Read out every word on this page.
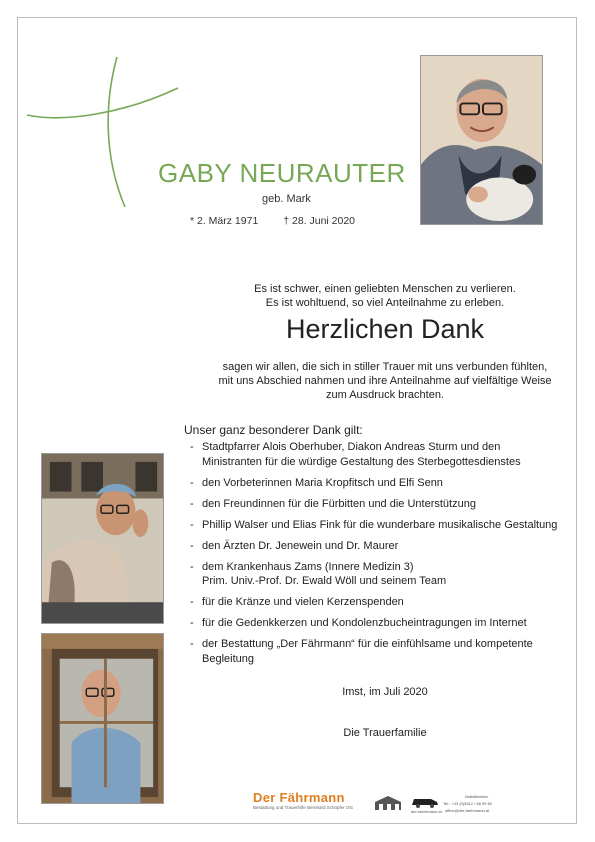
GABY NEURAUTER
geb. Mark
* 2. März 1971 † 28. Juni 2020
Es ist schwer, einen geliebten Menschen zu verlieren.
Es ist wohltuend, so viel Anteilnahme zu erleben.
Herzlichen Dank
sagen wir allen, die sich in stiller Trauer mit uns verbunden fühlten,
mit uns Abschied nahmen und ihre Anteilnahme auf vielfältige Weise
zum Ausdruck brachten.
Unser ganz besonderer Dank gilt:
- Stadtpfarrer Alois Oberhuber, Diakon Andreas Sturm und den
Ministranten für die würdige Gestaltung des Sterbegottesdienstes
- den Vorbeterinnen Maria Kropfitsch und Elfi Senn
- den Freundinnen für die Fürbitten und die Unterstützung
- Phillip Walser und Elias Fink für die wunderbare musikalische Gestaltung
- den Ärzten Dr. Jenewein und Dr. Maurer
- dem Krankenhaus Zams (Innere Medizin 3)
Prim. Univ.-Prof. Dr. Ewald Wöll und seinem Team
- für die Kränze und vielen Kerzenspenden
- für die Gedenkkerzen und Kondolenzbucheintragungen im Internet
- der Bestattung „Der Fährmann“ für die einfühlsame und kompetente
Begleitung
Imst, im Juli 2020
Die Trauerfamilie
Der Fährmann
Bestattung und Trauerhilfe Bernhard Schöpfer OG
der-faehrmann.at
Notfalltelefon
Tel.: +43 (0)5412 / 66 99 60
office@der-faehrmann.at
